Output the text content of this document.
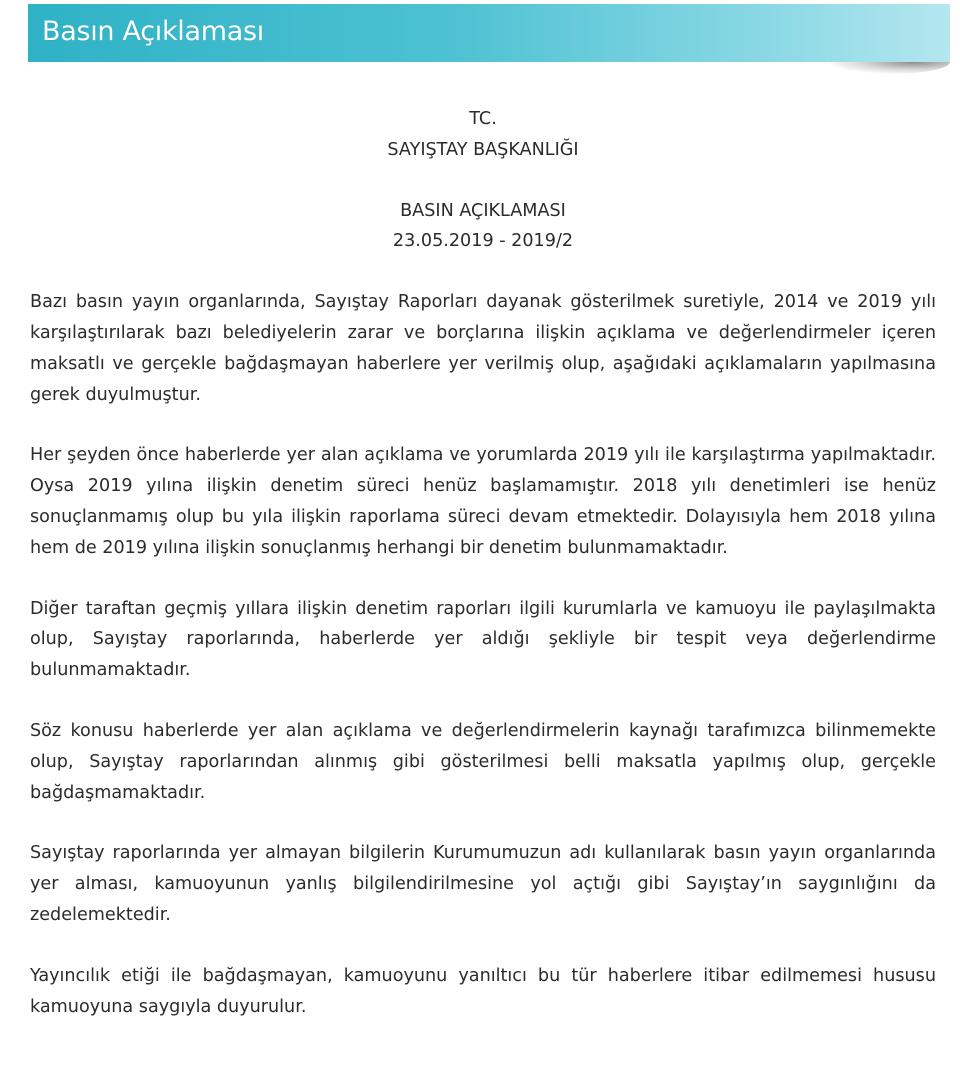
Basın Açıklaması
TC.
SAYIŞTAY BAŞKANLIĞI
BASIN AÇIKLAMASI
23.05.2019 - 2019/2

Bazı basın yayın organlarında, Sayıştay Raporları dayanak gösterilmek suretiyle, 2014 ve 2019 yılı karşılaştırılarak bazı belediyelerin zarar ve borçlarına ilişkin açıklama ve değerlendirmeler içeren maksatlı ve gerçekle bağdaşmayan haberlere yer verilmiş olup, aşağıdaki açıklamaların yapılmasına gerek duyulmuştur.

Her şeyden önce haberlerde yer alan açıklama ve yorumlarda 2019 yılı ile karşılaştırma yapılmaktadır. Oysa 2019 yılına ilişkin denetim süreci henüz başlamamıştır. 2018 yılı denetimleri ise henüz sonuçlanmamış olup bu yıla ilişkin raporlama süreci devam etmektedir. Dolayısıyla hem 2018 yılına hem de 2019 yılına ilişkin sonuçlanmış herhangi bir denetim bulunmamaktadır.

Diğer taraftan geçmiş yıllara ilişkin denetim raporları ilgili kurumlarla ve kamuoyu ile paylaşılmakta olup, Sayıştay raporlarında, haberlerde yer aldığı şekliyle bir tespit veya değerlendirme bulunmamaktadır.

Söz konusu haberlerde yer alan açıklama ve değerlendirmelerin kaynağı tarafımızca bilinmemekte olup, Sayıştay raporlarından alınmış gibi gösterilmesi belli maksatla yapılmış olup, gerçekle bağdaşmamaktadır.

Sayıştay raporlarında yer almayan bilgilerin Kurumumuzun adı kullanılarak basın yayın organlarında yer alması, kamuoyunun yanlış bilgilendirilmesine yol açtığı gibi Sayıştay’ın saygınlığını da zedelemektedir.

Yayıncılık etiği ile bağdaşmayan, kamuoyunu yanıltıcı bu tür haberlere itibar edilmemesi hususu kamuoyuna saygıyla duyurulur.
